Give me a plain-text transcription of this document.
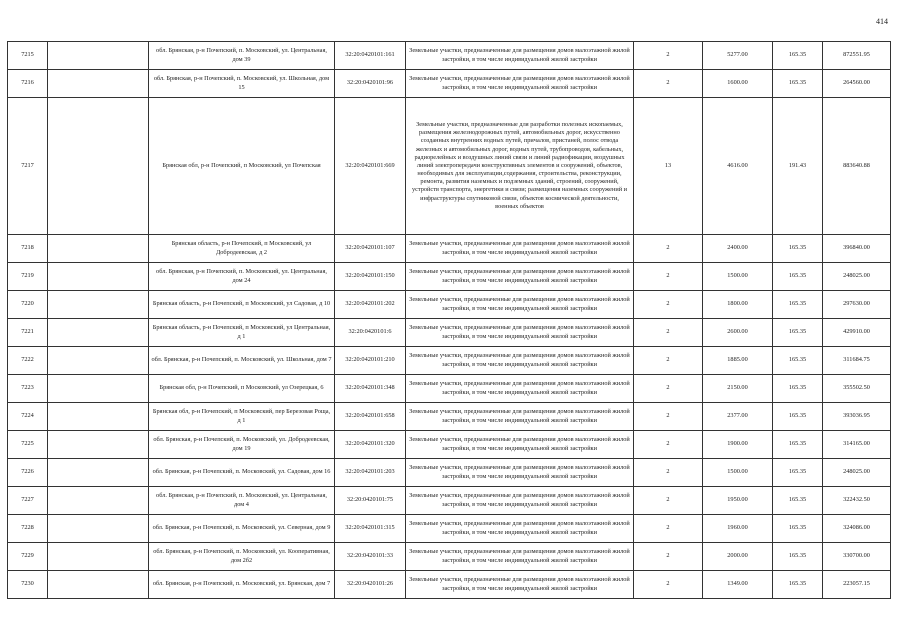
414
7215		обл. Брянская, р-н Почепский, п. Московский, ул. Центральная, дом 39	32:20:0420101:161	Земельные участки, предназначенные для размещения домов малоэтажной жилой застройки, в том числе индивидуальной жилой застройки	2	5277.00	165.35	872551.95
7216		обл. Брянская, р-н Почепский, п. Московский, ул. Школьная, дом 15	32:20:0420101:96	Земельные участки, предназначенные для размещения домов малоэтажной жилой застройки, в том числе индивидуальной жилой застройки	2	1600.00	165.35	264560.00
7217		Брянская обл, р-н Почепский, п Московский, ул Почепская	32:20:0420101:669	Земельные участки, предназначенные для разработки полезных ископаемых, размещения железнодорожных путей, автомобильных дорог, искусственно созданных внутренних водных путей, причалов, пристаней, полос отвода железных и автомобильных дорог, водных путей, трубопроводов, кабельных, радиорелейных и воздушных линий связи и линий радиофикации, воздушных линий электропередачи конструктивных элементов и сооружений, объектов, необходимых для эксплуатации,содержания, строительства, реконструкции, ремонта, развития наземных и подземных зданий, строений, сооружений, устройств транспорта, энергетики и связи; размещения наземных сооружений и инфраструктуры спутниковой связи, объектов космической деятельности, военных объектов	13	4616.00	191.43	883640.88
7218		Брянская область, р-н Почепский, п Московский, ул Добродеевская, д 2	32:20:0420101:107	Земельные участки, предназначенные для размещения домов малоэтажной жилой застройки, в том числе индивидуальной жилой застройки	2	2400.00	165.35	396840.00
7219		обл. Брянская, р-н Почепский, п. Московский, ул. Центральная, дом 24	32:20:0420101:150	Земельные участки, предназначенные для размещения домов малоэтажной жилой застройки, в том числе индивидуальной жилой застройки	2	1500.00	165.35	248025.00
7220		Брянская область, р-н Почепский, п Московский, ул Садовая, д 10	32:20:0420101:202	Земельные участки, предназначенные для размещения домов малоэтажной жилой застройки, в том числе индивидуальной жилой застройки	2	1800.00	165.35	297630.00
7221		Брянская область, р-н Почепский, п Московский, ул Центральная, д 1	32:20:0420101:6	Земельные участки, предназначенные для размещения домов малоэтажной жилой застройки, в том числе индивидуальной жилой застройки	2	2600.00	165.35	429910.00
7222		обл. Брянская, р-н Почепский, п. Московский, ул. Школьная, дом 7	32:20:0420101:210	Земельные участки, предназначенные для размещения домов малоэтажной жилой застройки, в том числе индивидуальной жилой застройки	2	1885.00	165.35	311684.75
7223		Брянская обл, р-н Почепский, п Московский, ул Озерецкая, 6	32:20:0420101:348	Земельные участки, предназначенные для размещения домов малоэтажной жилой застройки, в том числе индивидуальной жилой застройки	2	2150.00	165.35	355502.50
7224		Брянская обл, р-н Почепский, п Московский, пер Березовая Роща, д 1	32:20:0420101:658	Земельные участки, предназначенные для размещения домов малоэтажной жилой застройки, в том числе индивидуальной жилой застройки	2	2377.00	165.35	393036.95
7225		обл. Брянская, р-н Почепский, п. Московский, ул. Добродеевская, дом 19	32:20:0420101:320	Земельные участки, предназначенные для размещения домов малоэтажной жилой застройки, в том числе индивидуальной жилой застройки	2	1900.00	165.35	314165.00
7226		обл. Брянская, р-н Почепский, п. Московский, ул. Садовая, дом 16	32:20:0420101:203	Земельные участки, предназначенные для размещения домов малоэтажной жилой застройки, в том числе индивидуальной жилой застройки	2	1500.00	165.35	248025.00
7227		обл. Брянская, р-н Почепский, п. Московский, ул. Центральная, дом 4	32:20:0420101:75	Земельные участки, предназначенные для размещения домов малоэтажной жилой застройки, в том числе индивидуальной жилой застройки	2	1950.00	165.35	322432.50
7228		обл. Брянская, р-н Почепский, п. Московский, ул. Северная, дом 9	32:20:0420101:315	Земельные участки, предназначенные для размещения домов малоэтажной жилой застройки, в том числе индивидуальной жилой застройки	2	1960.00	165.35	324086.00
7229		обл. Брянская, р-н Почепский, п. Московский, ул. Кооперативная, дом 2б2	32:20:0420101:33	Земельные участки, предназначенные для размещения домов малоэтажной жилой застройки, в том числе индивидуальной жилой застройки	2	2000.00	165.35	330700.00
7230		обл. Брянская, р-н Почепский, п. Московский, ул. Брянская, дом 7	32:20:0420101:26	Земельные участки, предназначенные для размещения домов малоэтажной жилой застройки, в том числе индивидуальной жилой застройки	2	1349.00	165.35	223057.15
